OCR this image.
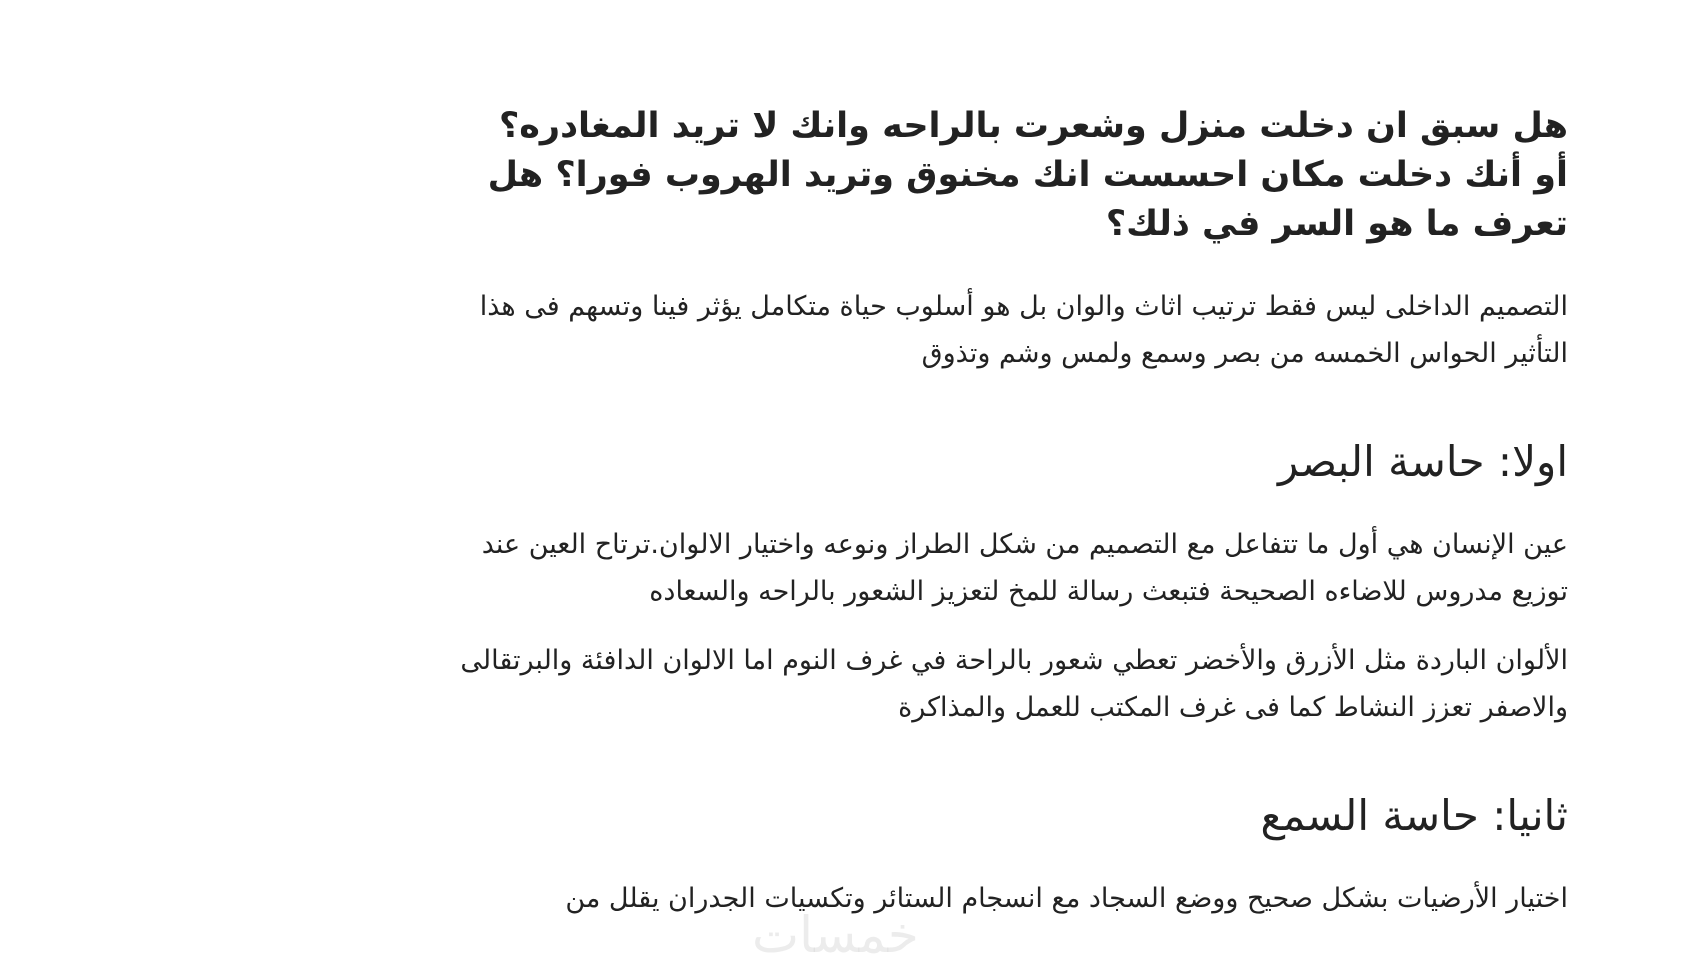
هل سبق ان دخلت منزل وشعرت بالراحه وانك لا تريد المغادره؟ أو أنك دخلت مكان احسست انك مخنوق وتريد الهروب فورا؟ هل تعرف ما هو السر في ذلك؟

التصميم الداخلى ليس فقط ترتيب اثاث والوان بل هو أسلوب حياة متكامل يؤثر فينا وتسهم فى هذا التأثير الحواس الخمسه من بصر وسمع ولمس وشم وتذوق

اولا: حاسة البصر

عين الإنسان هي أول ما تتفاعل مع التصميم من شكل الطراز ونوعه واختيار الالوان.ترتاح العين عند توزيع مدروس للاضاءه الصحيحة فتبعث رسالة للمخ لتعزيز الشعور بالراحه والسعاده

الألوان الباردة مثل الأزرق والأخضر تعطي شعور بالراحة في غرف النوم اما الالوان الدافئة والبرتقالى والاصفر تعزز النشاط كما فى غرف المكتب للعمل والمذاكرة

ثانيا: حاسة السمع

اختيار الأرضيات بشكل صحيح ووضع السجاد مع انسجام الستائر وتكسيات الجدران يقلل من

خمسات
